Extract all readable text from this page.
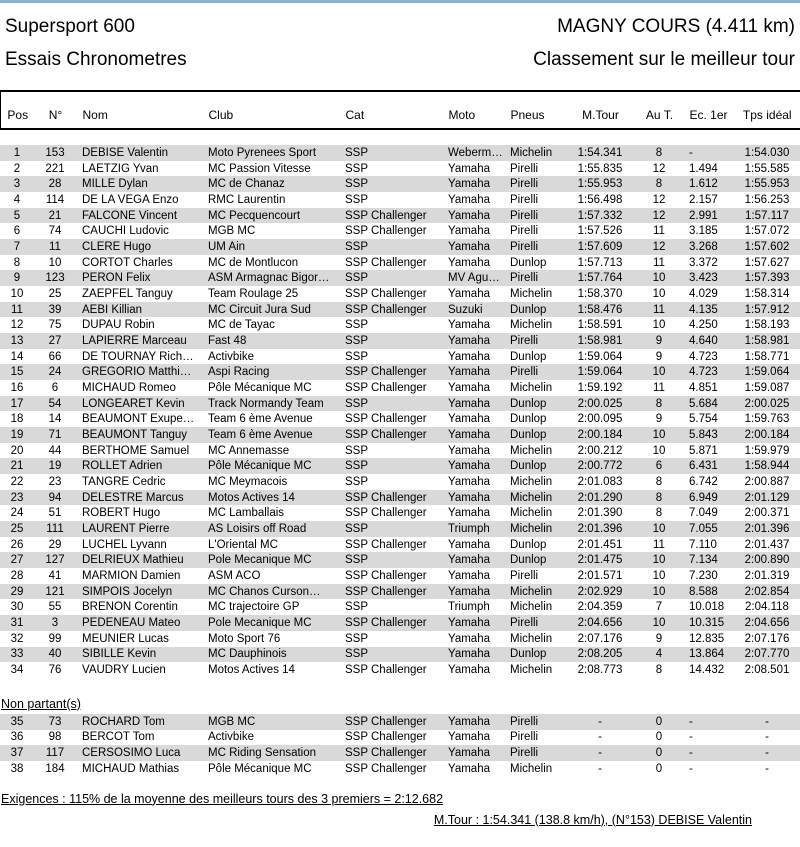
Supersport 600	MAGNY COURS (4.411 km)
Essais Chronometres	Classement sur le meilleur tour
Pos	N°	Nom	Club	Cat	Moto	Pneus	M.Tour	Au T.	Ec. 1er	Tps idéal
1	153	DEBISE Valentin	Moto Pyrenees Sport	SSP	Weberm…	Michelin	1:54.341	8	-	1:54.030
2	221	LAETZIG Yvan	MC Passion Vitesse	SSP	Yamaha	Pirelli	1:55.835	12	1.494	1:55.585
3	28	MILLE Dylan	MC de Chanaz	SSP	Yamaha	Pirelli	1:55.953	8	1.612	1:55.953
4	114	DE LA VEGA Enzo	RMC Laurentin	SSP	Yamaha	Pirelli	1:56.498	12	2.157	1:56.253
5	21	FALCONE Vincent	MC Pecquencourt	SSP Challenger	Yamaha	Pirelli	1:57.332	12	2.991	1:57.117
6	74	CAUCHI Ludovic	MGB MC	SSP Challenger	Yamaha	Pirelli	1:57.526	11	3.185	1:57.072
7	11	CLERE Hugo	UM Ain	SSP	Yamaha	Pirelli	1:57.609	12	3.268	1:57.602
8	10	CORTOT Charles	MC de Montlucon	SSP Challenger	Yamaha	Dunlop	1:57.713	11	3.372	1:57.627
9	123	PERON Felix	ASM Armagnac Bigor…	SSP	MV Agu…	Pirelli	1:57.764	10	3.423	1:57.393
10	25	ZAEPFEL Tanguy	Team Roulage 25	SSP Challenger	Yamaha	Michelin	1:58.370	10	4.029	1:58.314
11	39	AEBI Killian	MC Circuit Jura Sud	SSP Challenger	Suzuki	Dunlop	1:58.476	11	4.135	1:57.912
12	75	DUPAU Robin	MC de Tayac	SSP	Yamaha	Michelin	1:58.591	10	4.250	1:58.193
13	27	LAPIERRE Marceau	Fast 48	SSP	Yamaha	Pirelli	1:58.981	9	4.640	1:58.981
14	66	DE TOURNAY Rich…	Activbike	SSP	Yamaha	Dunlop	1:59.064	9	4.723	1:58.771
15	24	GREGORIO Matthi…	Aspi Racing	SSP Challenger	Yamaha	Pirelli	1:59.064	10	4.723	1:59.064
16	6	MICHAUD Romeo	Pôle Mécanique MC	SSP Challenger	Yamaha	Michelin	1:59.192	11	4.851	1:59.087
17	54	LONGEARET Kevin	Track Normandy Team	SSP	Yamaha	Dunlop	2:00.025	8	5.684	2:00.025
18	14	BEAUMONT Exupe…	Team 6 ème Avenue	SSP Challenger	Yamaha	Dunlop	2:00.095	9	5.754	1:59.763
19	71	BEAUMONT Tanguy	Team 6 ème Avenue	SSP Challenger	Yamaha	Dunlop	2:00.184	10	5.843	2:00.184
20	44	BERTHOME Samuel	MC Annemasse	SSP	Yamaha	Michelin	2:00.212	10	5.871	1:59.979
21	19	ROLLET Adrien	Pôle Mécanique MC	SSP	Yamaha	Dunlop	2:00.772	6	6.431	1:58.944
22	23	TANGRE Cedric	MC Meymacois	SSP	Yamaha	Michelin	2:01.083	8	6.742	2:00.887
23	94	DELESTRE Marcus	Motos Actives 14	SSP Challenger	Yamaha	Michelin	2:01.290	8	6.949	2:01.129
24	51	ROBERT Hugo	MC Lamballais	SSP Challenger	Yamaha	Michelin	2:01.390	8	7.049	2:00.371
25	111	LAURENT Pierre	AS Loisirs off Road	SSP	Triumph	Michelin	2:01.396	10	7.055	2:01.396
26	29	LUCHEL Lyvann	L'Oriental MC	SSP Challenger	Yamaha	Dunlop	2:01.451	11	7.110	2:01.437
27	127	DELRIEUX Mathieu	Pole Mecanique MC	SSP	Yamaha	Dunlop	2:01.475	10	7.134	2:00.890
28	41	MARMION Damien	ASM ACO	SSP Challenger	Yamaha	Pirelli	2:01.571	10	7.230	2:01.319
29	121	SIMPOIS Jocelyn	MC Chanos Curson…	SSP Challenger	Yamaha	Michelin	2:02.929	10	8.588	2:02.854
30	55	BRENON Corentin	MC trajectoire GP	SSP	Triumph	Michelin	2:04.359	7	10.018	2:04.118
31	3	PEDENEAU Mateo	Pole Mecanique MC	SSP Challenger	Yamaha	Pirelli	2:04.656	10	10.315	2:04.656
32	99	MEUNIER Lucas	Moto Sport 76	SSP	Yamaha	Michelin	2:07.176	9	12.835	2:07.176
33	40	SIBILLE Kevin	MC Dauphinois	SSP	Yamaha	Dunlop	2:08.205	4	13.864	2:07.770
34	76	VAUDRY Lucien	Motos Actives 14	SSP Challenger	Yamaha	Michelin	2:08.773	8	14.432	2:08.501
Non partant(s)
35	73	ROCHARD Tom	MGB MC	SSP Challenger	Yamaha	Pirelli	-	0	-	-
36	98	BERCOT Tom	Activbike	SSP Challenger	Yamaha	Pirelli	-	0	-	-
37	117	CERSOSIMO Luca	MC Riding Sensation	SSP Challenger	Yamaha	Pirelli	-	0	-	-
38	184	MICHAUD Mathias	Pôle Mécanique MC	SSP Challenger	Yamaha	Michelin	-	0	-	-
Exigences : 115% de la moyenne des meilleurs tours des 3 premiers = 2:12.682
M.Tour : 1:54.341 (138.8 km/h), (N°153) DEBISE Valentin
